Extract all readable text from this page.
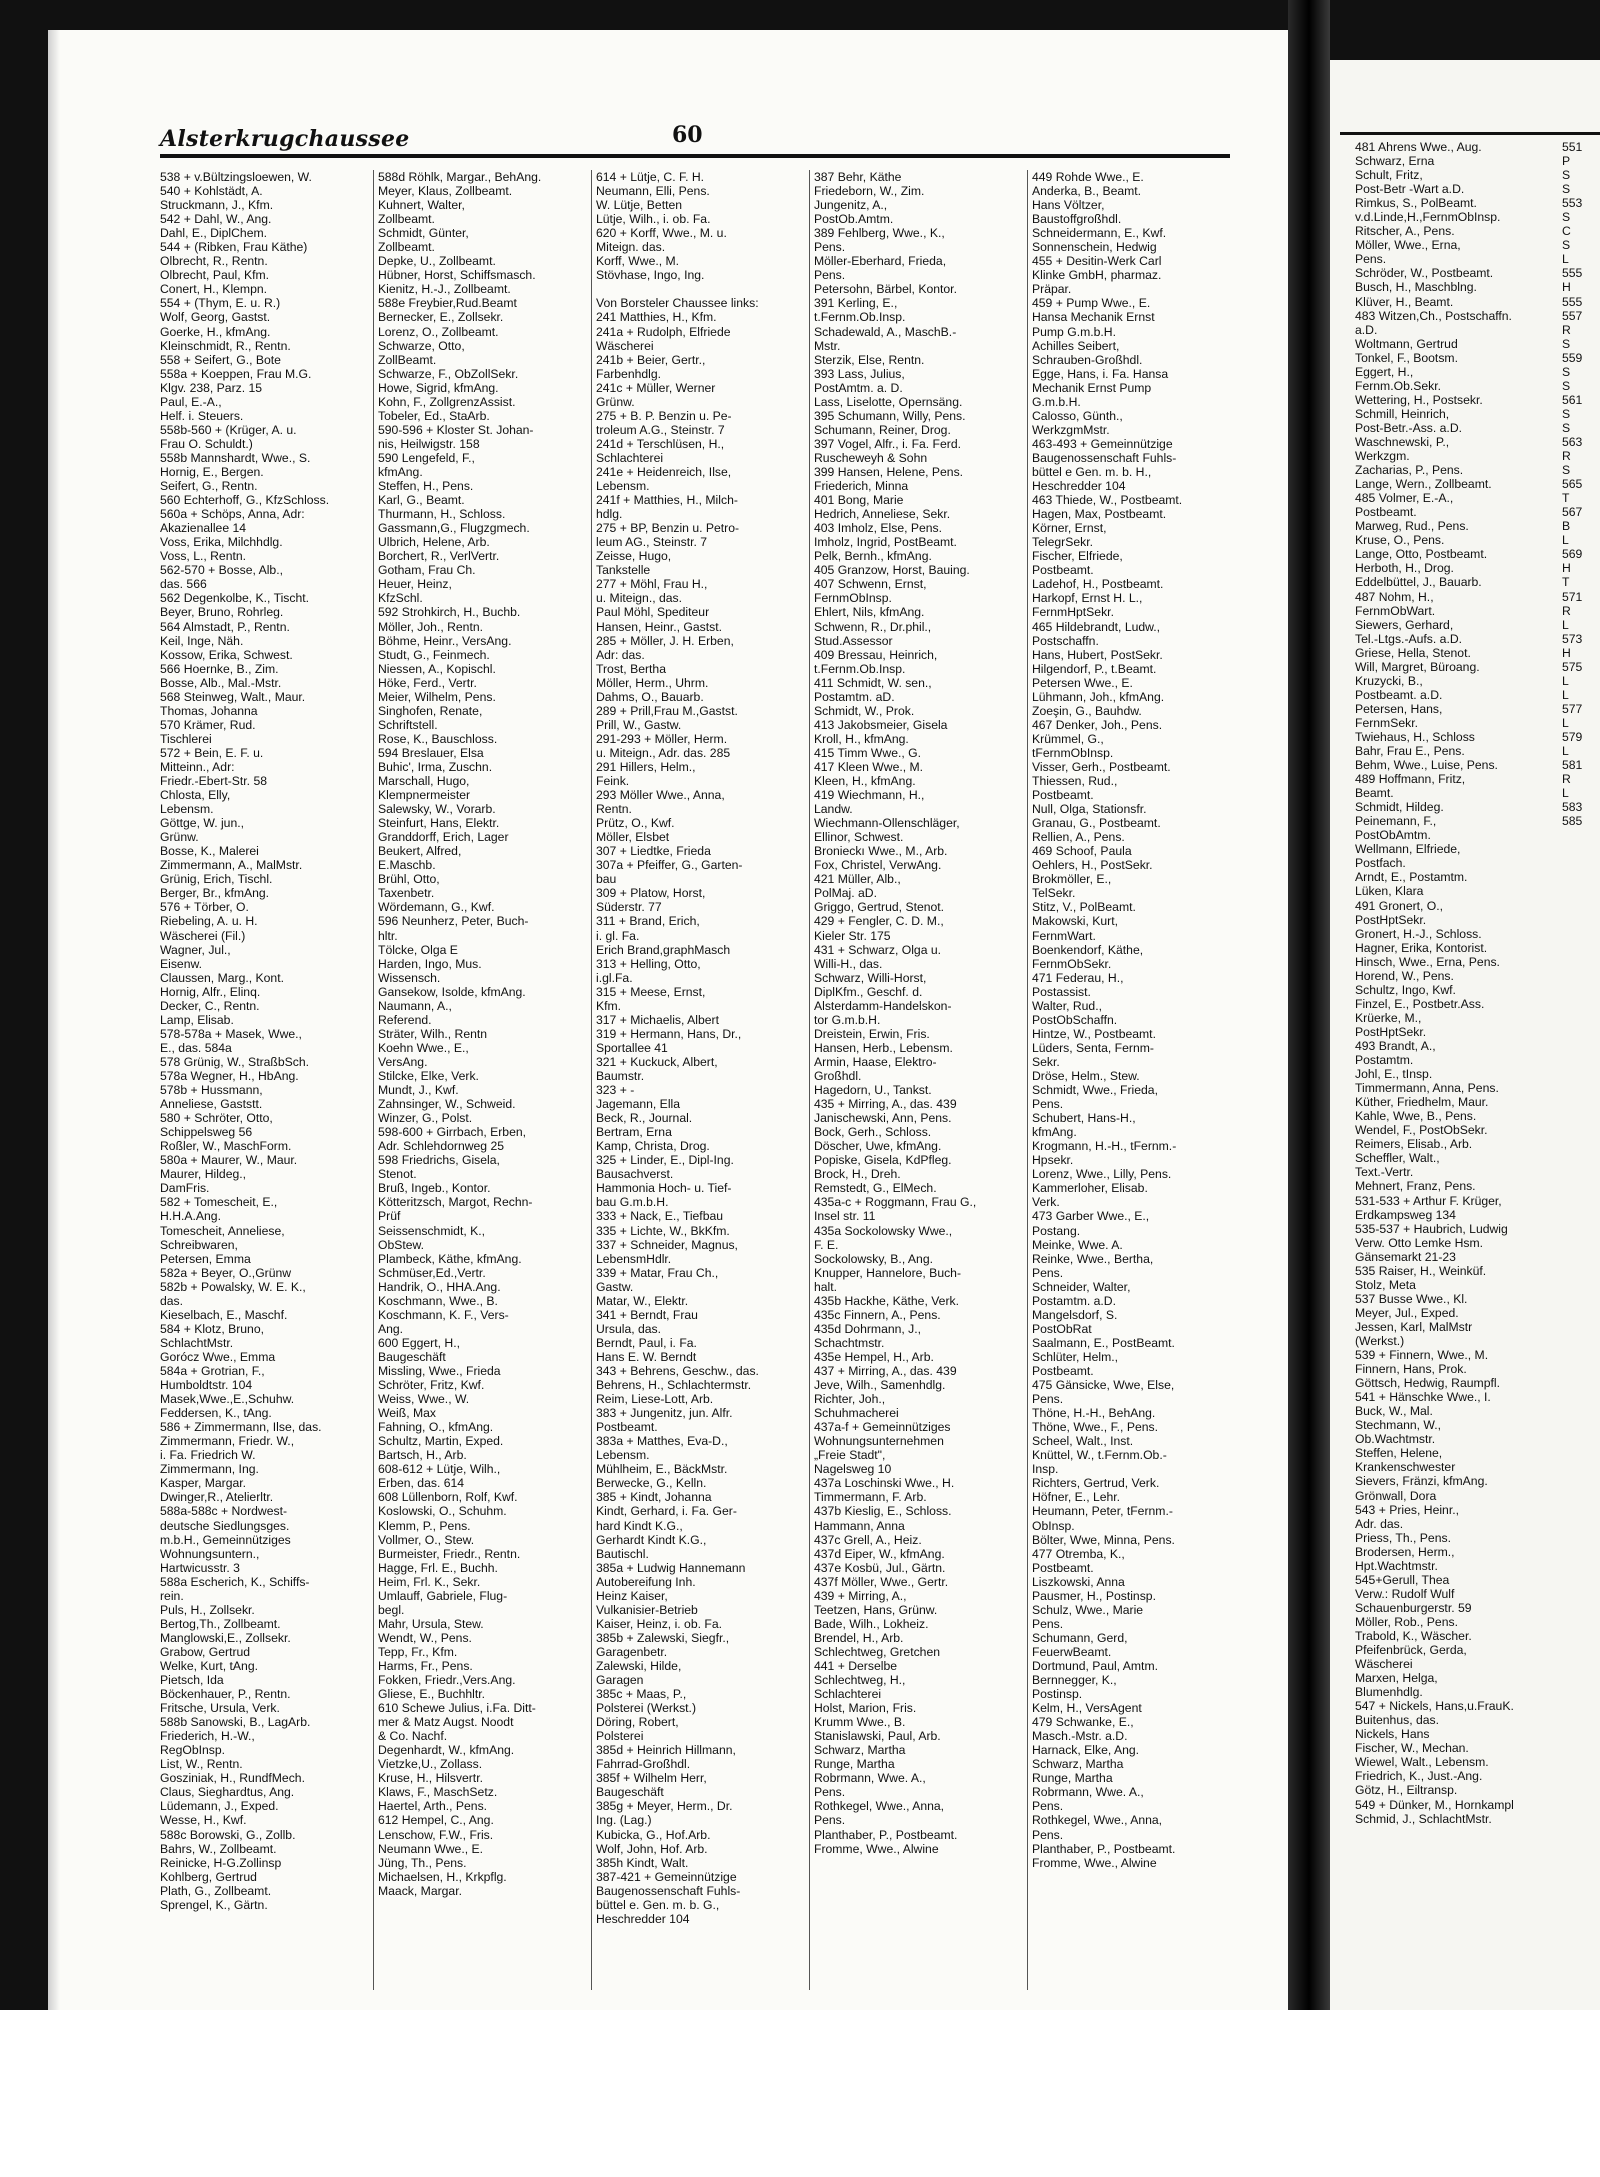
Alsterkrugchaussee	60
538 + v.Bültzingsloewen, W.
540 + Kohlstädt, A.
Struckmann, J., Kfm.
542 + Dahl, W., Ang.
Dahl, E., DiplChem.
544 + (Ribken, Frau Käthe)
Olbrecht, R., Rentn.
Olbrecht, Paul, Kfm.
Conert, H., Klempn.
554 + (Thym, E. u. R.)
Wolf, Georg, Gastst.
Goerke, H., kfmAng.
Kleinschmidt, R., Rentn.
558 + Seifert, G., Bote
558a + Koeppen, Frau M.G.
Klgv. 238, Parz. 15
Paul, E.-A.,
Helf. i. Steuers.
558b-560 + (Krüger, A. u.
Frau O. Schuldt.)
558b Mannshardt, Wwe., S.
Hornig, E., Bergen.
Seifert, G., Rentn.
560 Echterhoff, G., KfzSchloss.
560a + Schöps, Anna, Adr:
Akazienallee 14
Voss, Erika, Milchhdlg.
Voss, L., Rentn.
562-570 + Bosse, Alb.,
das. 566
562 Degenkolbe, K., Tischt.
Beyer, Bruno, Rohrleg.
564 Almstadt, P., Rentn.
Keil, Inge, Näh.
Kossow, Erika, Schwest.
566 Hoernke, B., Zim.
Bosse, Alb., Mal.-Mstr.
568 Steinweg, Walt., Maur.
Thomas, Johanna
570 Krämer, Rud.
Tischlerei
572 + Bein, E. F. u.
Mitteinn., Adr:
Friedr.-Ebert-Str. 58
Chlosta, Elly,
Lebensm.
Göttge, W. jun.,
Grünw.
Bosse, K., Malerei
Zimmermann, A., MalMstr.
Grünig, Erich, Tischl.
Berger, Br., kfmAng.
576 + Törber, O.
Riebeling, A. u. H.
Wäscherei (Fil.)
Wagner, Jul.,
Eisenw.
Claussen, Marg., Kont.
Hornig, Alfr., Elinq.
Decker, C., Rentn.
Lamp, Elisab.
578-578a + Masek, Wwe.,
E., das. 584a
578 Grünig, W., StraßbSch.
578a Wegner, H., HbAng.
578b + Hussmann,
Anneliese, Gaststt.
580 + Schröter, Otto,
Schippelsweg 56
Roßler, W., MaschForm.
580a + Maurer, W., Maur.
Maurer, Hildeg.,
DamFris.
582 + Tomescheit, E.,
H.H.A.Ang.
Tomescheit, Anneliese,
Schreibwaren,
Petersen, Emma
582a + Beyer, O.,Grünw
582b + Powalsky, W. E. K.,
das.
Kieselbach, E., Maschf.
584 + Klotz, Bruno,
SchlachtMstr.
Gorócz Wwe., Emma
584a + Grotrian, F.,
Humboldtstr. 104
Masek,Wwe.,E.,Schuhw.
Feddersen, K., tAng.
586 + Zimmermann, Ilse, das.
Zimmermann, Friedr. W.,
i. Fa. Friedrich W.
Zimmermann, Ing.
Kasper, Margar.
Dwinger,R., Atelierltr.
588a-588c + Nordwest-
deutsche Siedlungsges.
m.b.H., Gemeinnütziges
Wohnungsuntern.,
Hartwicusstr. 3
588a Escherich, K., Schiffs-
rein.
Puls, H., Zollsekr.
Bertog,Th., Zollbeamt.
Manglowski,E., Zollsekr.
Grabow, Gertrud
Welke, Kurt, tAng.
Pietsch, Ida
Böckenhauer, P., Rentn.
Fritsche, Ursula, Verk.
588b Sanowski, B., LagArb.
Friederich, H.-W.,
RegObInsp.
List, W., Rentn.
Gosziniak, H., RundfMech.
Claus, Sieghardtus, Ang.
Lüdemann, J., Exped.
Wesse, H., Kwf.
588c Borowski, G., Zollb.
Bahrs, W., Zollbeamt.
Reinicke, H-G.Zollinsp
Kohlberg, Gertrud
Plath, G., Zollbeamt.
Sprengel, K., Gärtn.
588d Röhlk, Margar., BehAng.
Meyer, Klaus, Zollbeamt.
Kuhnert, Walter,
Zollbeamt.
Schmidt, Günter,
Zollbeamt.
Depke, U., Zollbeamt.
Hübner, Horst, Schiffsmasch.
Kienitz, H.-J., Zollbeamt.
588e Freybier,Rud.Beamt
Bernecker, E., Zollsekr.
Lorenz, O., Zollbeamt.
Schwarze, Otto,
ZollBeamt.
Schwarze, F., ObZollSekr.
Howe, Sigrid, kfmAng.
Kohn, F., ZollgrenzAssist.
Tobeler, Ed., StaArb.
590-596 + Kloster St. Johan-
nis, Heilwigstr. 158
590 Lengefeld, F.,
kfmAng.
Steffen, H., Pens.
Karl, G., Beamt.
Thurmann, H., Schloss.
Gassmann,G., Flugzgmech.
Ulbrich, Helene, Arb.
Borchert, R., VerlVertr.
Gotham, Frau Ch.
Heuer, Heinz,
KfzSchl.
592 Strohkirch, H., Buchb.
Möller, Joh., Rentn.
Böhme, Heinr., VersAng.
Studt, G., Feinmech.
Niessen, A., Kopischl.
Höke, Ferd., Vertr.
Meier, Wilhelm, Pens.
Singhofen, Renate,
Schriftstell.
Rose, K., Bauschloss.
594 Breslauer, Elsa
Buhic', Irma, Zuschn.
Marschall, Hugo,
Klempnermeister
Salewsky, W., Vorarb.
Steinfurt, Hans, Elektr.
Granddorff, Erich, Lager
Beukert, Alfred,
E.Maschb.
Brühl, Otto,
Taxenbetr.
Wördemann, G., Kwf.
596 Neunherz, Peter, Buch-
hltr.
Tölcke, Olga E
Harden, Ingo, Mus.
Wissensch.
Gansekow, Isolde, kfmAng.
Naumann, A.,
Referend.
Sträter, Wilh., Rentn
Koehn Wwe., E.,
VersAng.
Stilcke, Elke, Verk.
Mundt, J., Kwf.
Zahnsinger, W., Schweid.
Winzer, G., Polst.
598-600 + Girrbach, Erben,
Adr. Schlehdornweg 25
598 Friedrichs, Gisela,
Stenot.
Bruß, Ingeb., Kontor.
Kötteritzsch, Margot, Rechn-
Prüf
Seissenschmidt, K.,
ObStew.
Plambeck, Käthe, kfmAng.
Schmüser,Ed.,Vertr.
Handrik, O., HHA.Ang.
Koschmann, Wwe., B.
Koschmann, K. F., Vers-
Ang.
600 Eggert, H.,
Baugeschäft
Missling, Wwe., Frieda
Schröter, Fritz, Kwf.
Weiss, Wwe., W.
Weiß, Max
Fahning, O., kfmAng.
Schultz, Martin, Exped.
Bartsch, H., Arb.
608-612 + Lütje, Wilh.,
Erben, das. 614
608 Lüllenborn, Rolf, Kwf.
Koslowski, O., Schuhm.
Klemm, P., Pens.
Vollmer, O., Stew.
Burmeister, Friedr., Rentn.
Hagge, Frl. E., Buchh.
Heim, Frl. K., Sekr.
Umlauff, Gabriele, Flug-
begl.
Mahr, Ursula, Stew.
Wendt, W., Pens.
Tepp, Fr., Kfm.
Harms, Fr., Pens.
Fokken, Friedr.,Vers.Ang.
Gliese, E., Buchhltr.
610 Schewe Julius, i.Fa. Ditt-
mer & Matz Augst. Noodt
& Co. Nachf.
Degenhardt, W., kfmAng.
Vietzke,U., Zollass.
Kruse, H., Hilsvertr.
Klaws, F., MaschSetz.
Haertel, Arth., Pens.
612 Hempel, C., Ang.
Lenschow, F.W., Fris.
Neumann Wwe., E.
Jüng, Th., Pens.
Michaelsen, H., Krkpflg.
Maack, Margar.
614 + Lütje, C. F. H.
Neumann, Elli, Pens.
W. Lütje, Betten
Lütje, Wilh., i. ob. Fa.
620 + Korff, Wwe., M. u.
Miteign. das.
Korff, Wwe., M.
Stövhase, Ingo, Ing.
Von Borsteler Chaussee links:
241 Matthies, H., Kfm.
241a + Rudolph, Elfriede
Wäscherei
241b + Beier, Gertr.,
Farbenhdlg.
241c + Müller, Werner
Grünw.
275 + B. P. Benzin u. Pe-
troleum A.G., Steinstr. 7
241d + Terschlüsen, H.,
Schlachterei
241e + Heidenreich, Ilse,
Lebensm.
241f + Matthies, H., Milch-
hdlg.
275 + BP, Benzin u. Petro-
leum AG., Steinstr. 7
Zeisse, Hugo,
Tankstelle
277 + Möhl, Frau H.,
u. Miteign., das.
Paul Möhl, Spediteur
Hansen, Heinr., Gastst.
285 + Möller, J. H. Erben,
Adr: das.
Trost, Bertha
Möller, Herm., Uhrm.
Dahms, O., Bauarb.
289 + Prill,Frau M.,Gastst.
Prill, W., Gastw.
291-293 + Möller, Herm.
u. Miteign., Adr. das. 285
291 Hillers, Helm.,
Feink.
293 Möller Wwe., Anna,
Rentn.
Prütz, O., Kwf.
Möller, Elsbet
307 + Liedtke, Frieda
307a + Pfeiffer, G., Garten-
bau
309 + Platow, Horst,
Süderstr. 77
311 + Brand, Erich,
i. gl. Fa.
Erich Brand,graphMasch
313 + Helling, Otto,
i.gl.Fa.
315 + Meese, Ernst,
Kfm.
317 + Michaelis, Albert
319 + Hermann, Hans, Dr.,
Sportallee 41
321 + Kuckuck, Albert,
Baumstr.
323 + -
Jagemann, Ella
Beck, R., Journal.
Bertram, Erna
Kamp, Christa, Drog.
325 + Linder, E., Dipl-Ing.
Bausachverst.
Hammonia Hoch- u. Tief-
bau G.m.b.H.
333 + Nack, E., Tiefbau
335 + Lichte, W., BkKfm.
337 + Schneider, Magnus,
LebensmHdlr.
339 + Matar, Frau Ch.,
Gastw.
Matar, W., Elektr.
341 + Berndt, Frau
Ursula, das.
Berndt, Paul, i. Fa.
Hans E. W. Berndt
343 + Behrens, Geschw., das.
Behrens, H., Schlachtermstr.
Reim, Liese-Lott, Arb.
383 + Jungenitz, jun. Alfr.
Postbeamt.
383a + Matthes, Eva-D.,
Lebensm.
Mühlheim, E., BäckMstr.
Berwecke, G., Kelln.
385 + Kindt, Johanna
Kindt, Gerhard, i. Fa. Ger-
hard Kindt K.G.,
Gerhardt Kindt K.G.,
Bautischl.
385a + Ludwig Hannemann
Autobereifung Inh.
Heinz Kaiser,
Vulkanisier-Betrieb
Kaiser, Heinz, i. ob. Fa.
385b + Zalewski, Siegfr.,
Garagenbetr.
Zalewski, Hilde,
Garagen
385c + Maas, P.,
Polsterei (Werkst.)
Döring, Robert,
Polsterei
385d + Heinrich Hillmann,
Fahrrad-Großhdl.
385f + Wilhelm Herr,
Baugeschäft
385g + Meyer, Herm., Dr.
Ing. (Lag.)
Kubicka, G., Hof.Arb.
Wolf, John, Hof. Arb.
385h Kindt, Walt.
387-421 + Gemeinnützige
Baugenossenschaft Fuhls-
büttel e. Gen. m. b. G.,
Heschredder 104
387 Behr, Käthe
Friedeborn, W., Zim.
Jungenitz, A.,
PostOb.Amtm.
389 Fehlberg, Wwe., K.,
Pens.
Möller-Eberhard, Frieda,
Pens.
Petersohn, Bärbel, Kontor.
391 Kerling, E.,
t.Fernm.Ob.Insp.
Schadewald, A., MaschB.-
Mstr.
Sterzik, Else, Rentn.
393 Lass, Julius,
PostAmtm. a. D.
Lass, Liselotte, Opernsäng.
395 Schumann, Willy, Pens.
Schumann, Reiner, Drog.
397 Vogel, Alfr., i. Fa. Ferd.
Ruscheweyh & Sohn
399 Hansen, Helene, Pens.
Friederich, Minna
401 Bong, Marie
Hedrich, Anneliese, Sekr.
403 Imholz, Else, Pens.
Imholz, Ingrid, PostBeamt.
Pelk, Bernh., kfmAng.
405 Granzow, Horst, Bauing.
407 Schwenn, Ernst,
FernmObInsp.
Ehlert, Nils, kfmAng.
Schwenn, R., Dr.phil.,
Stud.Assessor
409 Bressau, Heinrich,
t.Fernm.Ob.Insp.
411 Schmidt, W. sen.,
Postamtm. aD.
Schmidt, W., Prok.
413 Jakobsmeier, Gisela
Kroll, H., kfmAng.
415 Timm Wwe., G.
417 Kleen Wwe., M.
Kleen, H., kfmAng.
419 Wiechmann, H.,
Landw.
Wiechmann-Ollenschläger,
Ellinor, Schwest.
Bronieckı Wwe., M., Arb.
Fox, Christel, VerwAng.
421 Müller, Alb.,
PolMaj. aD.
Griggo, Gertrud, Stenot.
429 + Fengler, C. D. M.,
Kieler Str. 175
431 + Schwarz, Olga u.
Willi-H., das.
Schwarz, Willi-Horst,
DiplKfm., Geschf. d.
Alsterdamm-Handelskon-
tor G.m.b.H.
Dreistein, Erwin, Fris.
Hansen, Herb., Lebensm.
Armin, Haase, Elektro-
Großhdl.
Hagedorn, U., Tankst.
435 + Mirring, A., das. 439
Janischewski, Ann, Pens.
Bock, Gerh., Schloss.
Döscher, Uwe, kfmAng.
Popiske, Gisela, KdPfleg.
Brock, H., Dreh.
Remstedt, G., ElMech.
435a-c + Roggmann, Frau G.,
Insel str. 11
435a Sockolowsky Wwe.,
F. E.
Sockolowsky, B., Ang.
Knupper, Hannelore, Buch-
halt.
435b Hackhe, Käthe, Verk.
435c Finnern, A., Pens.
435d Dohrmann, J.,
Schachtmstr.
435e Hempel, H., Arb.
437 + Mirring, A., das. 439
Jeve, Wilh., Samenhdlg.
Richter, Joh.,
Schuhmacherei
437a-f + Gemeinnütziges
Wohnungsunternehmen
„Freie Stadt",
Nagelsweg 10
437a Loschinski Wwe., H.
Timmermann, F. Arb.
437b Kieslig, E., Schloss.
Hammann, Anna
437c Grell, A., Heiz.
437d Eiper, W., kfmAng.
437e Kosbü, Jul., Gärtn.
437f Möller, Wwe., Gertr.
439 + Mirring, A.,
Teetzen, Hans, Grünw.
Bade, Wilh., Lokheiz.
Brendel, H., Arb.
Schlechtweg, Gretchen
441 + Derselbe
Schlechtweg, H.,
Schlachterei
Holst, Marion, Fris.
Krumm Wwe., B.
Stanislawski, Paul, Arb.
Schwarz, Martha
Runge, Martha
Robrmann, Wwe. A.,
Pens.
Rothkegel, Wwe., Anna,
Pens.
Planthaber, P., Postbeamt.
Fromme, Wwe., Alwine
449 Rohde Wwe., E.
Anderka, B., Beamt.
Hans Völtzer,
Baustoffgroßhdl.
Schneidermann, E., Kwf.
Sonnenschein, Hedwig
455 + Desitin-Werk Carl
Klinke GmbH, pharmaz.
Präpar.
459 + Pump Wwe., E.
Hansa Mechanik Ernst
Pump G.m.b.H.
Achilles Seibert,
Schrauben-Großhdl.
Egge, Hans, i. Fa. Hansa
Mechanik Ernst Pump
G.m.b.H.
Calosso, Günth.,
WerkzgmMstr.
463-493 + Gemeinnützige
Baugenossenschaft Fuhls-
büttel e Gen. m. b. H.,
Heschredder 104
463 Thiede, W., Postbeamt.
Hagen, Max, Postbeamt.
Körner, Ernst,
TelegrSekr.
Fischer, Elfriede,
Postbeamt.
Ladehof, H., Postbeamt.
Harkopf, Ernst H. L.,
FernmHptSekr.
465 Hildebrandt, Ludw.,
Postschaffn.
Hans, Hubert, PostSekr.
Hilgendorf, P., t.Beamt.
Petersen Wwe., E.
Lühmann, Joh., kfmAng.
Zoeşin, G., Bauhdw.
467 Denker, Joh., Pens.
Krümmel, G.,
tFernmObInsp.
Visser, Gerh., Postbeamt.
Thiessen, Rud.,
Postbeamt.
Null, Olga, Stationsfr.
Granau, G., Postbeamt.
Rellien, A., Pens.
469 Schoof, Paula
Oehlers, H., PostSekr.
Brokmöller, E.,
TelSekr.
Stitz, V., PolBeamt.
Makowski, Kurt,
FernmWart.
Boenkendorf, Käthe,
FernmObSekr.
471 Federau, H.,
Postassist.
Walter, Rud.,
PostObSchaffn.
Hintze, W., Postbeamt.
Lüders, Senta, Fernm-
Sekr.
Dröse, Helm., Stew.
Schmidt, Wwe., Frieda,
Pens.
Schubert, Hans-H.,
kfmAng.
Krogmann, H.-H., tFernm.-
Hpsekr.
Lorenz, Wwe., Lilly, Pens.
Kammerloher, Elisab.
Verk.
473 Garber Wwe., E.,
Postang.
Meinke, Wwe. A.
Reinke, Wwe., Bertha,
Pens.
Schneider, Walter,
Postamtm. a.D.
Mangelsdorf, S.
PostObRat
Saalmann, E., PostBeamt.
Schlüter, Helm.,
Postbeamt.
475 Gänsicke, Wwe, Else,
Pens.
Thöne, H.-H., BehAng.
Thöne, Wwe., F., Pens.
Scheel, Walt., Inst.
Knüttel, W., t.Fernm.Ob.-
Insp.
Richters, Gertrud, Verk.
Höfner, E., Lehr.
Heumann, Peter, tFernm.-
ObInsp.
Bölter, Wwe, Minna, Pens.
477 Otremba, K.,
Postbeamt.
Liszkowski, Anna
Pausmer, H., Postinsp.
Schulz, Wwe., Marie
Pens.
Schumann, Gerd,
FeuerwBeamt.
Dortmund, Paul, Amtm.
Bernnegger, K.,
Postinsp.
Kelm, H., VersAgent
479 Schwanke, E.,
Masch.-Mstr. a.D.
Harnack, Elke, Ang.
Schwarz, Martha
Runge, Martha
Robrmann, Wwe. A.,
Pens.
Rothkegel, Wwe., Anna,
Pens.
Planthaber, P., Postbeamt.
Fromme, Wwe., Alwine
481 Ahrens Wwe., Aug.
Schwarz, Erna
Schult, Fritz,
Post-Betr -Wart a.D.
Rimkus, S., PolBeamt.
v.d.Linde,H.,FernmObInsp.
Ritscher, A., Pens.
Möller, Wwe., Erna,
Pens.
Schröder, W., Postbeamt.
Busch, H., Maschblng.
Klüver, H., Beamt.
483 Witzen,Ch., Postschaffn.
a.D.
Woltmann, Gertrud
Tonkel, F., Bootsm.
Eggert, H.,
Fernm.Ob.Sekr.
Wettering, H., Postsekr.
Schmill, Heinrich,
Post-Betr.-Ass. a.D.
Waschnewski, P.,
Werkzgm.
Zacharias, P., Pens.
Lange, Wern., Zollbeamt.
485 Volmer, E.-A.,
Postbeamt.
Marweg, Rud., Pens.
Kruse, O., Pens.
Lange, Otto, Postbeamt.
Herboth, H., Drog.
Eddelbüttel, J., Bauarb.
487 Nohm, H.,
FernmObWart.
Siewers, Gerhard,
Tel.-Ltgs.-Aufs. a.D.
Griese, Hella, Stenot.
Will, Margret, Büroang.
Kruzycki, B.,
Postbeamt. a.D.
Petersen, Hans,
FernmSekr.
Twiehaus, H., Schloss
Bahr, Frau E., Pens.
Behm, Wwe., Luise, Pens.
489 Hoffmann, Fritz,
Beamt.
Schmidt, Hildeg.
Peinemann, F.,
PostObAmtm.
Wellmann, Elfriede,
Postfach.
Arndt, E., Postamtm.
Lüken, Klara
491 Gronert, O.,
PostHptSekr.
Gronert, H.-J., Schloss.
Hagner, Erika, Kontorist.
Hinsch, Wwe., Erna, Pens.
Horend, W., Pens.
Schultz, Ingo, Kwf.
Finzel, E., Postbetr.Ass.
Krüerke, M.,
PostHptSekr.
493 Brandt, A.,
Postamtm.
Johl, E., tInsp.
Timmermann, Anna, Pens.
Küther, Friedhelm, Maur.
Kahle, Wwe, B., Pens.
Wendel, F., PostObSekr.
Reimers, Elisab., Arb.
Scheffler, Walt.,
Text.-Vertr.
Mehnert, Franz, Pens.
531-533 + Arthur F. Krüger,
Erdkampsweg 134
535-537 + Haubrich, Ludwig
Verw. Otto Lemke Hsm.
Gänsemarkt 21-23
535 Raiser, H., Weinküf.
Stolz, Meta
537 Busse Wwe., Kl.
Meyer, Jul., Exped.
Jessen, Karl, MalMstr
(Werkst.)
539 + Finnern, Wwe., M.
Finnern, Hans, Prok.
Göttsch, Hedwig, Raumpfl.
541 + Hänschke Wwe., I.
Buck, W., Mal.
Stechmann, W.,
Ob.Wachtmstr.
Steffen, Helene,
Krankenschwester
Sievers, Fränzi, kfmAng.
Grönwall, Dora
543 + Pries, Heinr.,
Adr. das.
Priess, Th., Pens.
Brodersen, Herm.,
Hpt.Wachtmstr.
545+Gerull, Thea
Verw.: Rudolf Wulf
Schauenburgerstr. 59
Möller, Rob., Pens.
Trabold, K., Wäscher.
Pfeifenbrück, Gerda,
Wäscherei
Marxen, Helga,
Blumenhdlg.
547 + Nickels, Hans,u.FrauK.
Buitenhus, das.
Nickels, Hans
Fischer, W., Mechan.
Wiewel, Walt., Lebensm.
Friedrich, K., Just.-Ang.
Götz, H., Eiltransp.
549 + Dünker, M., Hornkampl
Schmid, J., SchlachtMstr.
551
P
S
S
553
S
C
S
L
555
H
555
557
R
S
559
S
S
561
S
S
563
R
S
565
T
567
B
L
569
H
T
571
R
L
573
H
575
L
L
577
L
579
L
581
R
L
583
585
